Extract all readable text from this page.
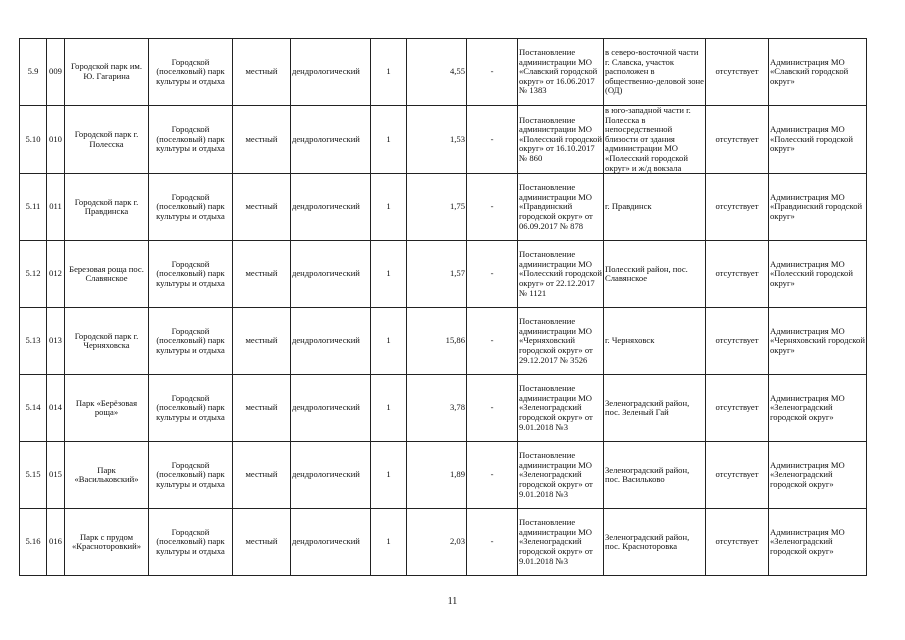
5.9	009	Городской парк им. Ю. Гагарина	Городской (поселковый) парк культуры и отдыха	местный	дендрологический	1	4,55	-	Постановление администрации МО «Славский городской округ» от 16.06.2017 № 1383	в северо-восточной части г. Славска, участок расположен в общественно-деловой зоне (ОД)	отсутствует	Администрация МО «Славский городской округ»

5.10	010	Городской парк г. Полесска	Городской (поселковый) парк культуры и отдыха	местный	дендрологический	1	1,53	-	Постановление администрации МО «Полесский городской округ» от 16.10.2017 № 860	в юго-западной части г. Полесска в непосредственной близости от здания администрации МО «Полесский городской округ» и ж/д вокзала	отсутствует	Администрация МО «Полесский городской округ»

5.11	011	Городской парк г. Правдинска	Городской (поселковый) парк культуры и отдыха	местный	дендрологический	1	1,75	-	Постановление администрации МО «Правдинский городской округ» от 06.09.2017 № 878	г. Правдинск	отсутствует	Администрация МО «Правдинский городской округ»

5.12	012	Березовая роща пос. Славянское	Городской (поселковый) парк культуры и отдыха	местный	дендрологический	1	1,57	-	Постановление администрации МО «Полесский городской округ» от 22.12.2017 № 1121	Полесский район, пос. Славянское	отсутствует	Администрация МО «Полесский городской округ»

5.13	013	Городской парк г. Черняховска	Городской (поселковый) парк культуры и отдыха	местный	дендрологический	1	15,86	-	Постановление администрации МО «Черняховский городской округ» от 29.12.2017 № 3526	г. Черняховск	отсутствует	Администрация МО «Черняховский городской округ»

5.14	014	Парк «Берёзовая роща»	Городской (поселковый) парк культуры и отдыха	местный	дендрологический	1	3,78	-	Постановление администрации МО «Зеленоградский городской округ» от 9.01.2018 №3	Зеленоградский район, пос. Зеленый Гай	отсутствует	Администрация МО «Зеленоградский городской округ»

5.15	015	Парк «Васильковский»	Городской (поселковый) парк культуры и отдыха	местный	дендрологический	1	1,89	-	Постановление администрации МО «Зеленоградский городской округ» от 9.01.2018 №3	Зеленоградский район, пос. Васильково	отсутствует	Администрация МО «Зеленоградский городской округ»

5.16	016	Парк с прудом «Красноторовкий»	Городской (поселковый) парк культуры и отдыха	местный	дендрологический	1	2,03	-	Постановление администрации МО «Зеленоградский городской округ» от 9.01.2018 №3	Зеленоградский район, пос. Красноторовка	отсутствует	Администрация МО «Зеленоградский городской округ»
11
